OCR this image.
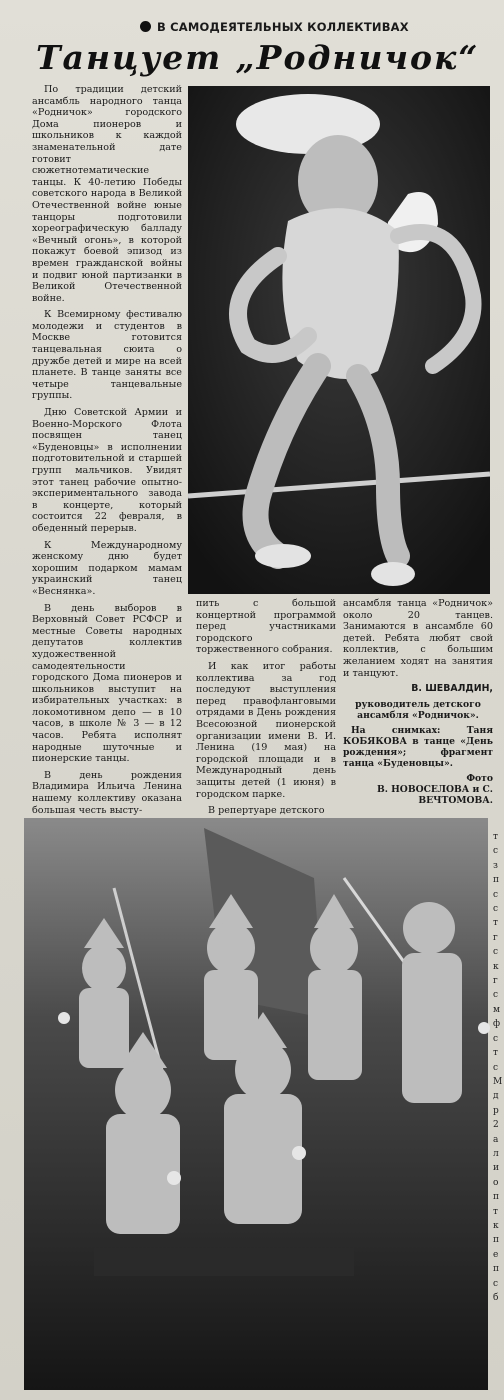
В САМОДЕЯТЕЛЬНЫХ КОЛЛЕКТИВАХ
Танцует „Родничок“

По традиции детский ансамбль народного танца «Родничок» городского Дома пионеров и школьников к каждой знаменательной дате готовит сюжетнотематические танцы. К 40-летию Победы советского народа в Великой Отечественной войне юные танцоры подготовили хореографическую балладу «Вечный огонь», в которой покажут боевой эпизод из времен гражданской войны и подвиг юной партизанки в Великой Отечественной войне.

К Всемирному фестивалю молодежи и студентов в Москве готовится танцевальная сюита о дружбе детей и мире на всей планете. В танце заняты все четыре танцевальные группы.

Дню Советской Армии и Военно-Морского Флота посвящен танец «Буденовцы» в исполнении подготовительной и старшей групп мальчиков. Увидят этот танец рабочие опытно-экспериментального завода в концерте, который состоится 22 февраля, в обеденный перерыв.

К Международному женскому дню будет хорошим подарком мамам украинский танец «Веснянка».

В день выборов в Верховный Совет РСФСР и местные Советы народных депутатов коллектив художественной самодеятельности городского Дома пионеров и школьников выступит на избирательных участках: в локомотивном депо — в 10 часов, в школе № 3 — в 12 часов. Ребята исполнят народные шуточные и пионерские танцы.

В день рождения Владимира Ильича Ленина нашему коллективу оказана большая честь высту-

пить с большой концертной программой перед участниками городского торжественного собрания.

И как итог работы коллектива за год последуют выступления перед правофланговыми отрядами в День рождения Всесоюзной пионерской организации имени В. И. Ленина (19 мая) на городской площади и в Международный день защиты детей (1 июня) в городском парке.

В репертуаре детского

ансамбля танца «Родничок» около 20 танцев. Занимаются в ансамбле 60 детей. Ребята любят свой коллектив, с большим желанием ходят на занятия и танцуют.

В. ШЕВАЛДИН,

руководитель детского ансамбля «Родничок».

На снимках: Таня КОБЯКОВА в танце «День рождения»; фрагмент танца «Буденовцы».

Фото

В. НОВОСЕЛОВА и С. ВЕЧТОМОВА.

т
с
з
п
с
с
т
г
с
к
г
с
м
ф
с
т
с
М
д
р
2
а
л
и
о
п
т
к
п
е
п
с
б
